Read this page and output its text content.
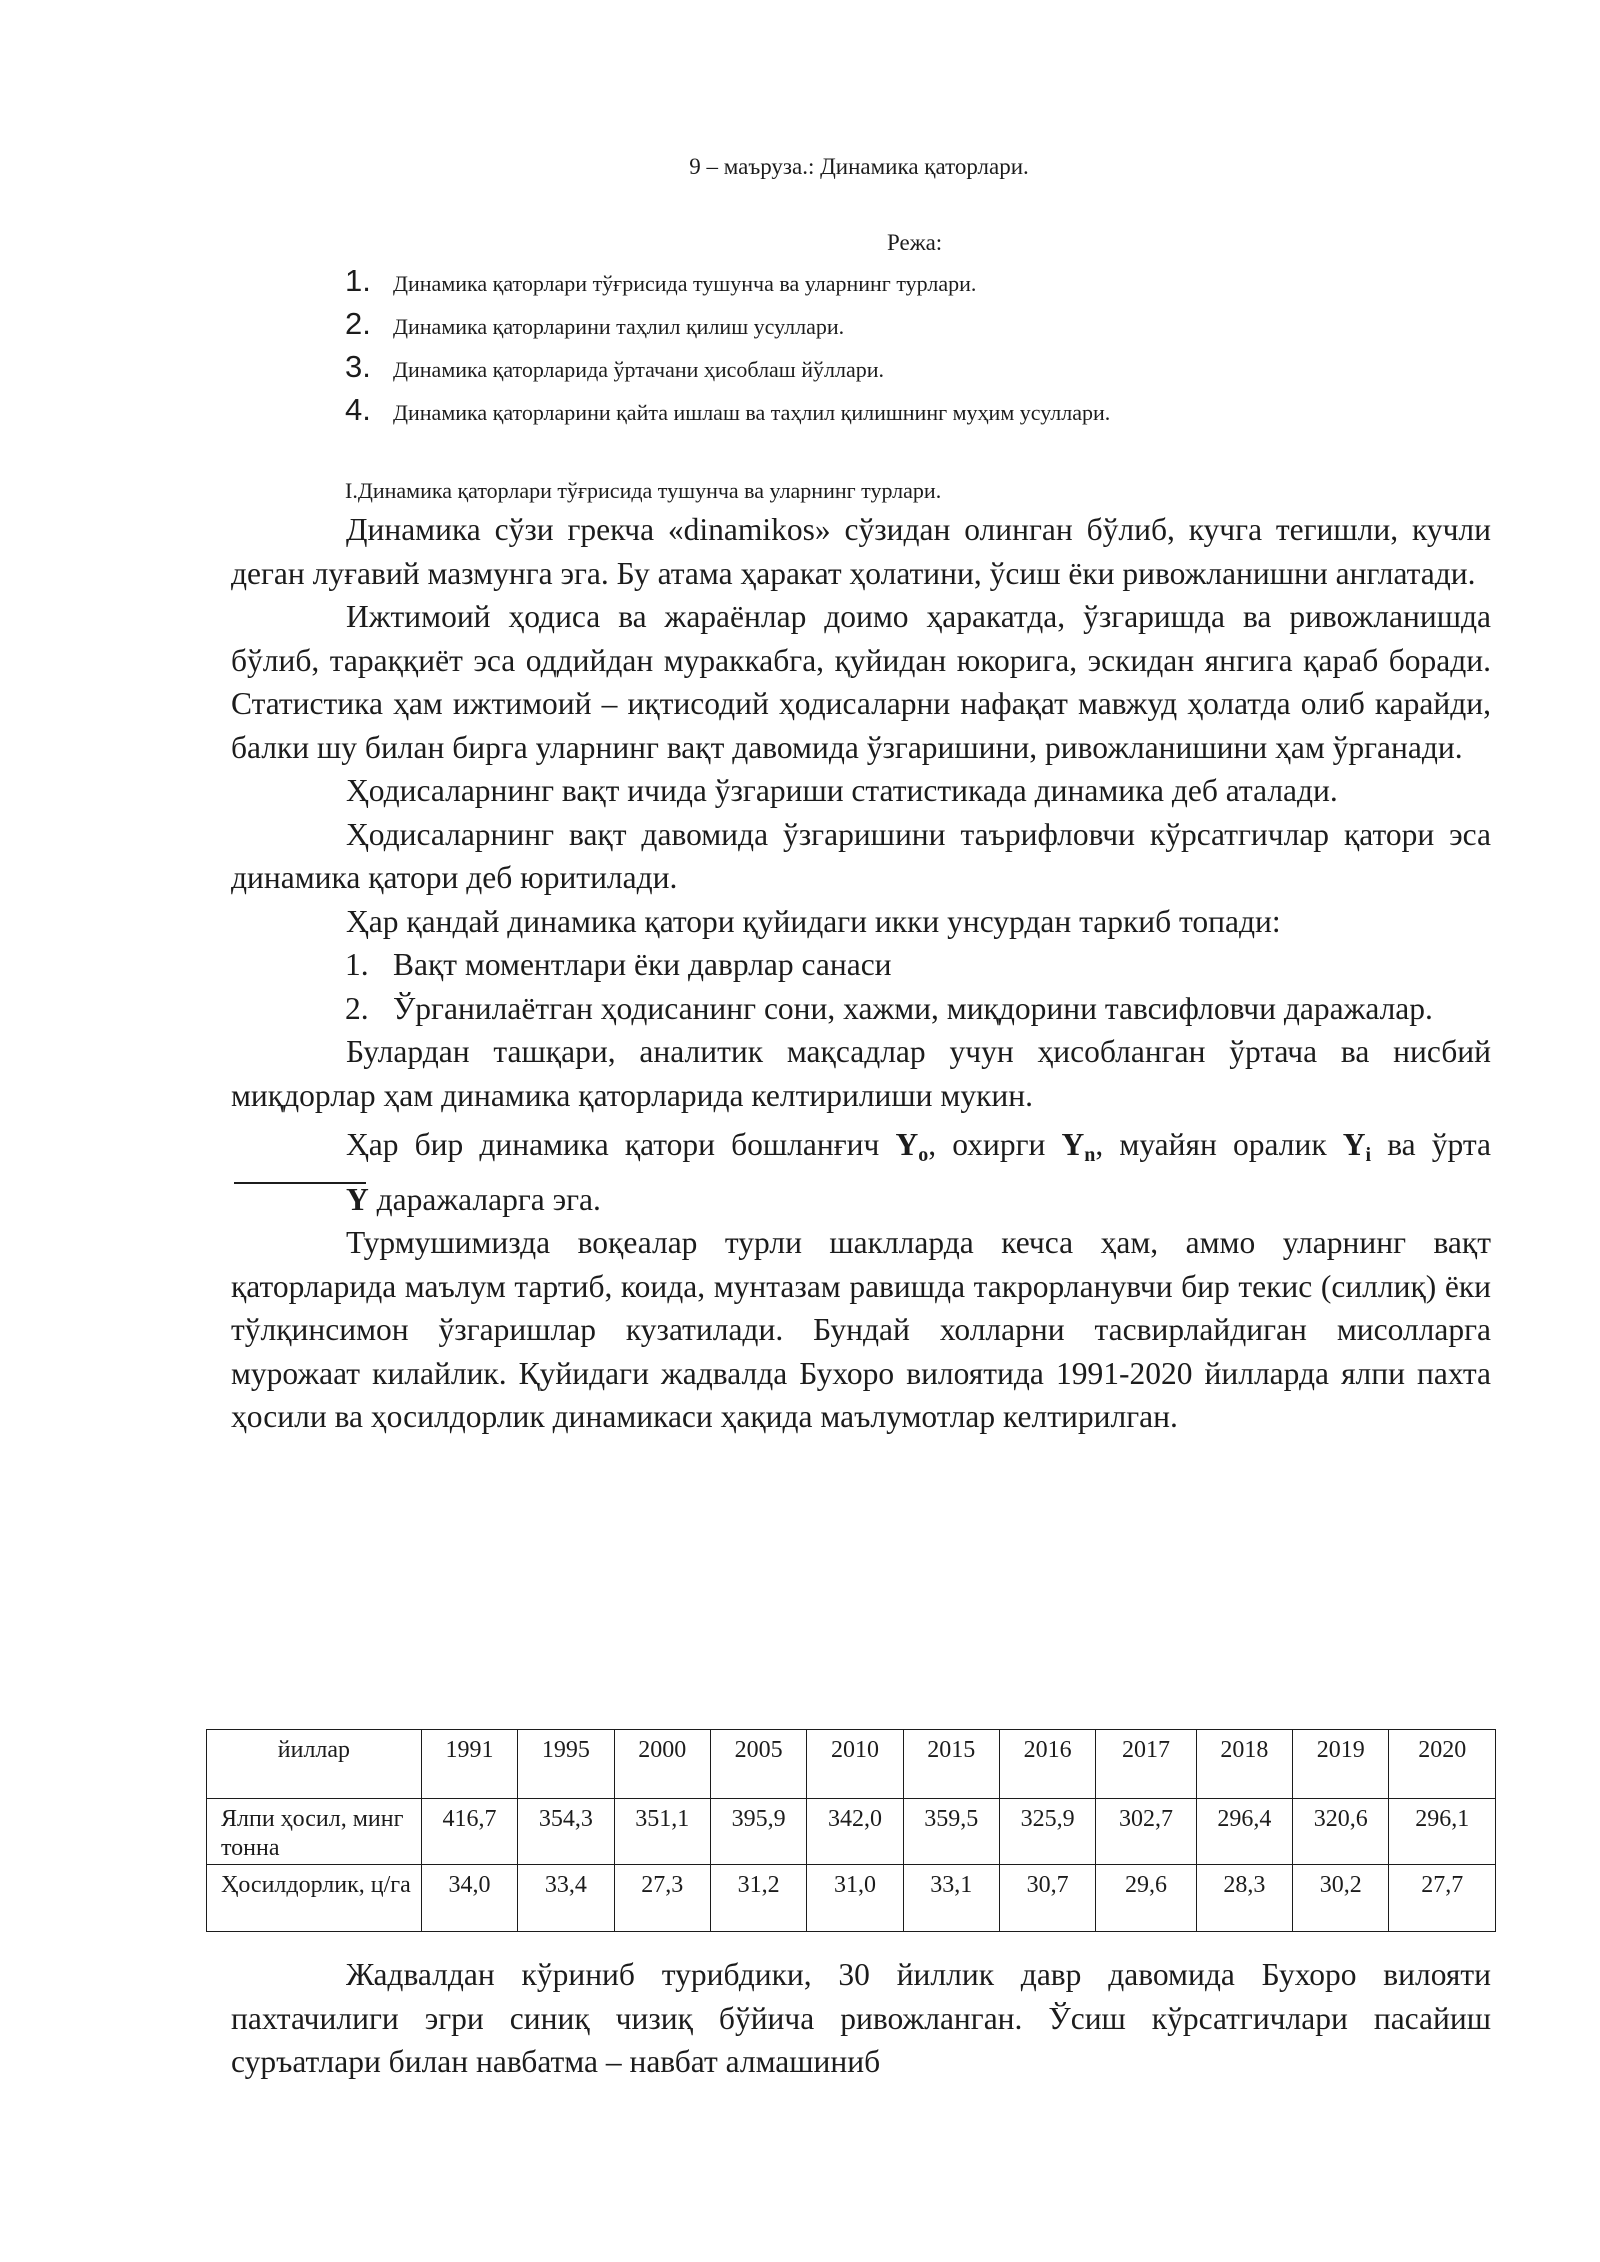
9 – маъруза.: Динамика қаторлари.
Режа:
1.	Динамика қаторлари тўғрисида тушунча ва уларнинг турлари.
2.	Динамика қаторларини таҳлил қилиш усуллари.
3.	Динамика қаторларида ўртачани ҳисоблаш йўллари.
4.	Динамика қаторларини қайта ишлаш ва таҳлил қилишнинг муҳим усуллари.
I.Динамика қаторлари тўғрисида тушунча ва уларнинг турлари.

Динамика сўзи грекча «dinamikos» сўзидан олинган бўлиб, кучга тегишли, кучли деган луғавий мазмунга эга. Бу атама ҳаракат ҳолатини, ўсиш ёки ривожланишни англатади.

Ижтимоий ҳодиса ва жараёнлар доимо ҳаракатда, ўзгаришда ва ривожланишда бўлиб, тараққиёт эса оддийдан мураккабга, қуйидан юкорига, эскидан янгига қараб боради. Статистика ҳам ижтимоий – иқтисодий ҳодисаларни нафақат мавжуд ҳолатда олиб карайди, балки шу билан бирга уларнинг вақт давомида ўзгаришини, ривожланишини ҳам ўрганади.

Ҳодисаларнинг вақт ичида ўзгариши статистикада динамика деб аталади.

Ҳодисаларнинг вақт давомида ўзгаришини таърифловчи кўрсатгичлар қатори эса динамика қатори деб юритилади.

Ҳар қандай динамика қатори қуйидаги икки унсурдан таркиб топади:

1. Вақт моментлари ёки даврлар санаси
2. Ўрганилаётган ҳодисанинг сони, хажми, миқдорини тавсифловчи даражалар.

Булардан ташқари, аналитик мақсадлар учун ҳисобланган ўртача ва нисбий миқдорлар ҳам динамика қаторларида келтирилиши мукин.

Ҳар бир динамика қатори бошланғич $Y_o$, охирги $Y_n$, муайян оралик $Y_i$ ва ўрта Y даражаларга эга.

Турмушимизда воқеалар турли шаклларда кечса ҳам, аммо уларнинг вақт қаторларида маълум тартиб, коида, мунтазам равишда такрорланувчи бир текис (силлиқ) ёки тўлқинсимон ўзгаришлар кузатилади. Бундай холларни тасвирлайдиган мисолларга мурожаат килайлик. Қуйидаги жадвалда Бухоро вилоятида 1991-2020 йилларда ялпи пахта ҳосили ва ҳосилдорлик динамикаси ҳақида маълумотлар келтирилган.

йиллар	1991	1995	2000	2005	2010	2015	2016	2017	2018	2019	2020
Ялпи ҳосил, минг тонна	416,7	354,3	351,1	395,9	342,0	359,5	325,9	302,7	296,4	320,6	296,1
Ҳосилдорлик, ц/га	34,0	33,4	27,3	31,2	31,0	33,1	30,7	29,6	28,3	30,2	27,7

Жадвалдан кўриниб турибдики, 30 йиллик давр давомида Бухоро вилояти пахтачилиги эгри синиқ чизиқ бўйича ривожланган. Ўсиш кўрсатгичлари пасайиш суръатлари билан навбатма – навбат алмашиниб
